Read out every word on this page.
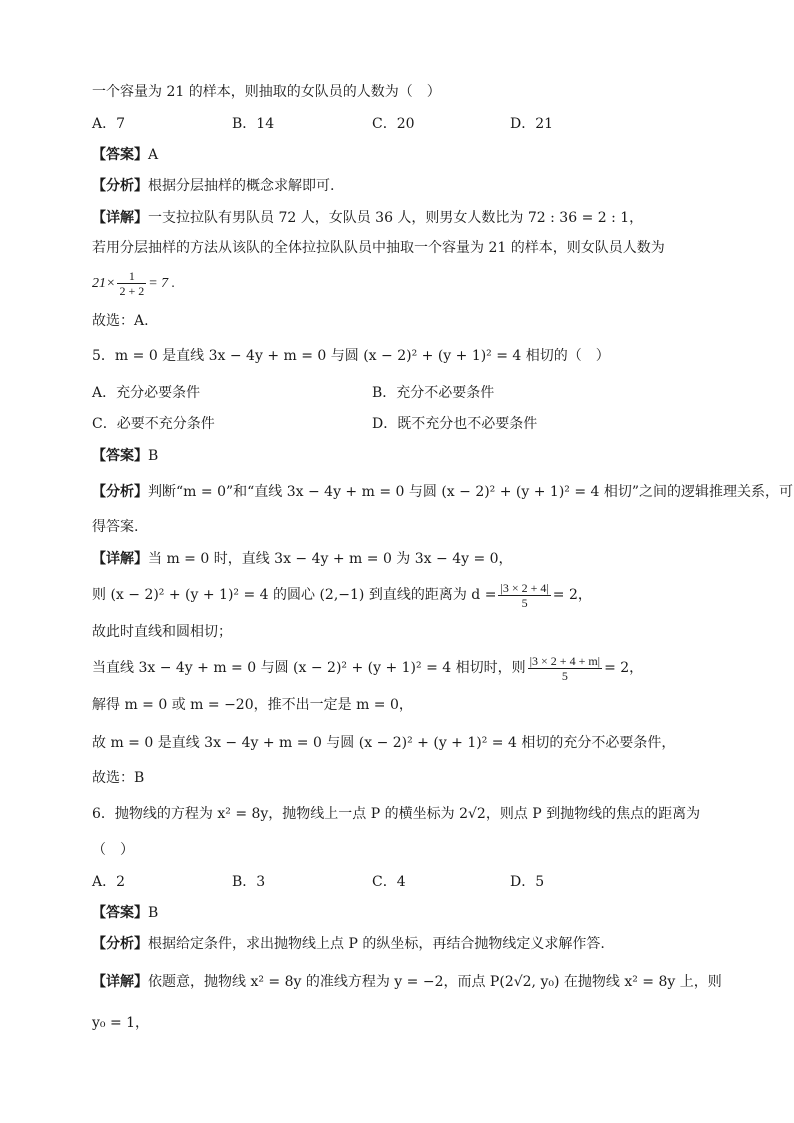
一个容量为 21 的样本，则抽取的女队员的人数为（　）
A．7	B．14	C．20	D．21
【答案】A
【分析】根据分层抽样的概念求解即可.
【详解】一支拉拉队有男队员 72 人，女队员 36 人，则男女人数比为 72 : 36 = 2 : 1，
若用分层抽样的方法从该队的全体拉拉队队员中抽取一个容量为 21 的样本，则女队员人数为
$21\times \frac{1}{2 + 2} = 7$ .
故选：A.
5．m = 0 是直线 3x − 4y + m = 0 与圆 (x − 2)² + (y + 1)² = 4 相切的（　）
A．充分必要条件	B．充分不必要条件
C．必要不充分条件	D．既不充分也不必要条件
【答案】B
【分析】判断“m = 0”和“直线 3x − 4y + m = 0 与圆 (x − 2)² + (y + 1)² = 4 相切”之间的逻辑推理关系，可
得答案.
【详解】当 m = 0 时，直线 3x − 4y + m = 0 为 3x − 4y = 0，
则 (x − 2)² + (y + 1)² = 4 的圆心 (2,−1) 到直线的距离为 $d = \frac{|3 \times 2 + 4|}{5} = 2$，
故此时直线和圆相切；
当直线 3x − 4y + m = 0 与圆 (x − 2)² + (y + 1)² = 4 相切时，则 $\frac{|3 \times 2 + 4 + m|}{5} = 2$，
解得 m = 0 或 m = −20，推不出一定是 m = 0，
故 m = 0 是直线 3x − 4y + m = 0 与圆 (x − 2)² + (y + 1)² = 4 相切的充分不必要条件，
故选：B
6．抛物线的方程为 x² = 8y，抛物线上一点 P 的横坐标为 2√2，则点 P 到抛物线的焦点的距离为
（　）
A．2	B．3	C．4	D．5
【答案】B
【分析】根据给定条件，求出抛物线上点 P 的纵坐标，再结合抛物线定义求解作答.
【详解】依题意，抛物线 x² = 8y 的准线方程为 y = −2，而点 P(2√2, y₀) 在抛物线 x² = 8y 上，则
y₀ = 1，
